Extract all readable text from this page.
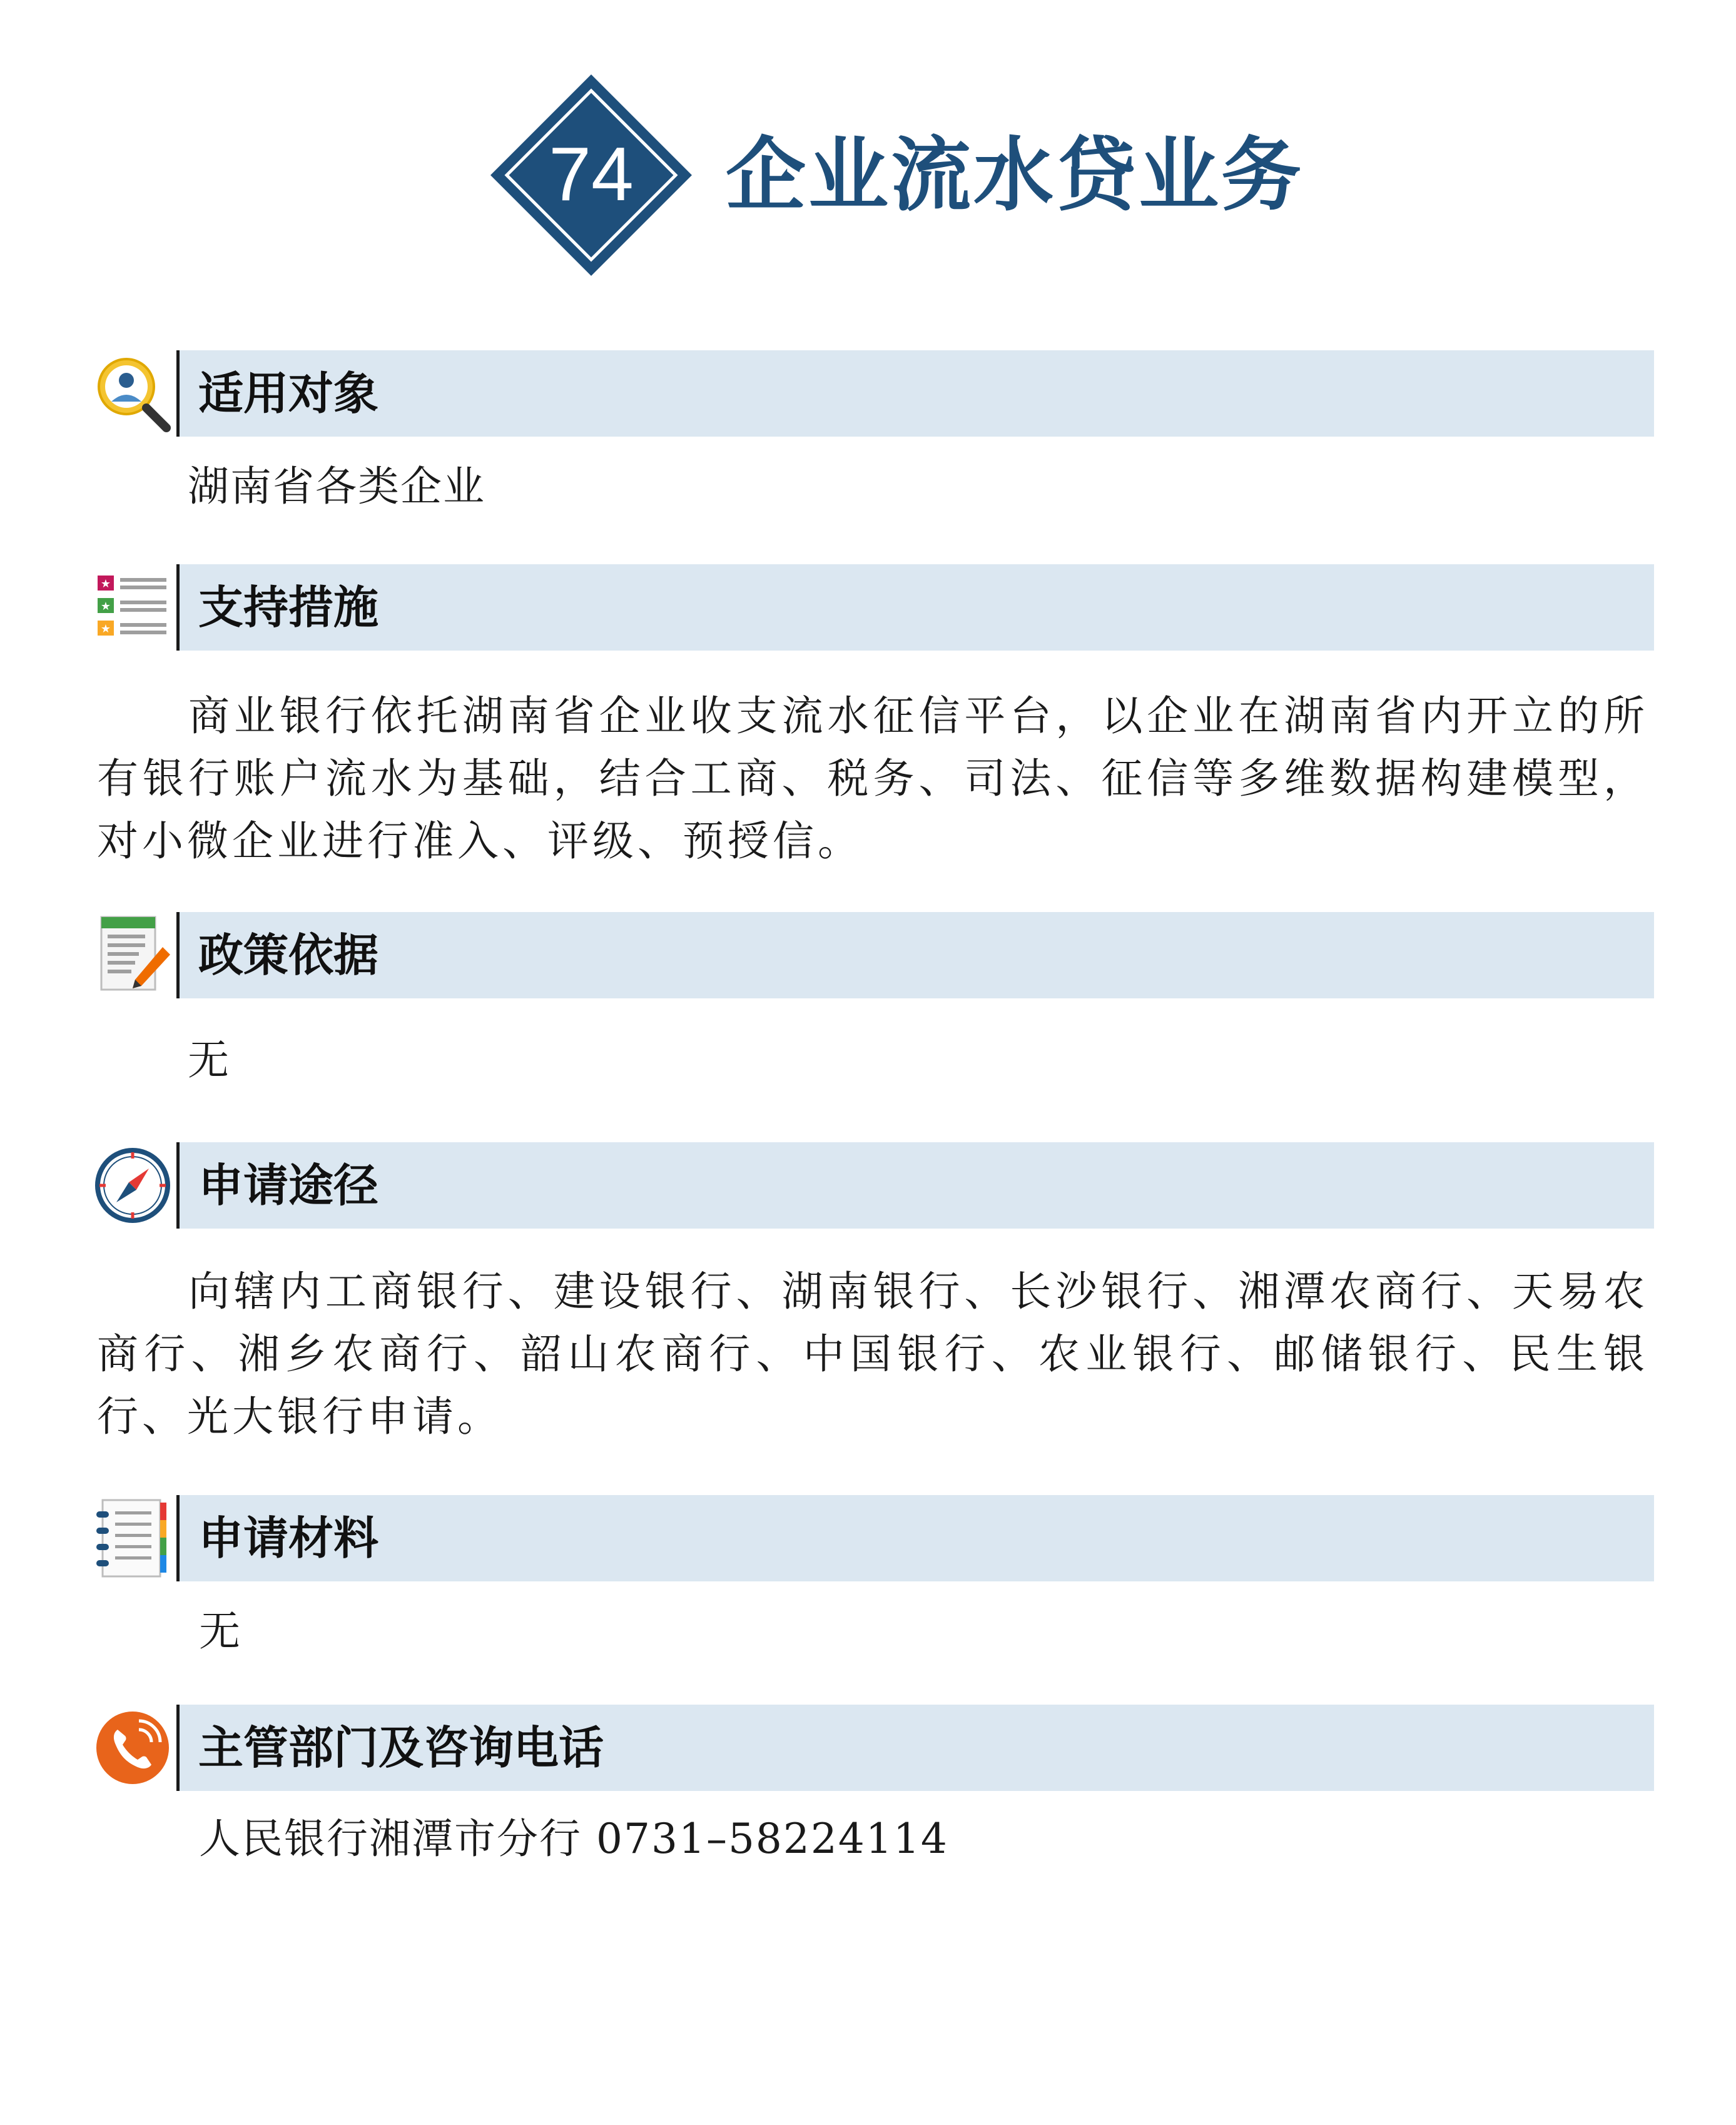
74 企业流水贷业务
适用对象
湖南省各类企业
★
★
★ 支持措施
商业银行依托湖南省企业收支流水征信平台，以企业在湖南省内开立的所有银行账户流水为基础，结合工商、税务、司法、征信等多维数据构建模型，对小微企业进行准入、评级、预授信。
政策依据
无
申请途径
向辖内工商银行、建设银行、湖南银行、长沙银行、湘潭农商行、天易农商行、湘乡农商行、韶山农商行、中国银行、农业银行、邮储银行、民生银行、光大银行申请。
申请材料
无
主管部门及咨询电话
人民银行湘潭市分行 0731–58224114
